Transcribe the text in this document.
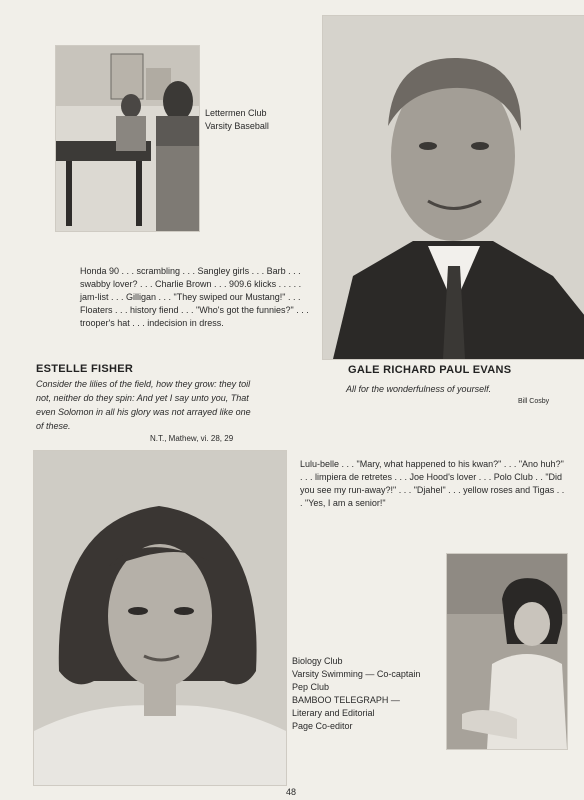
Lettermen Club
Varsity Baseball
Honda 90 . . . scrambling . . . Sangley girls . . . Barb . . . swabby lover? . . . Charlie Brown . . . 909.6 klicks . . . . . jam-list . . . Gilligan . . . "They swiped our Mustang!" . . . Floaters . . . history fiend . . . "Who's got the funnies?" . . . trooper's hat . . . indecision in dress.
ESTELLE FISHER
Consider the lilies of the field, how they grow: they toil not, neither do they spin: And yet I say unto you, That even Solomon in all his glory was not arrayed like one of these.
N.T., Mathew, vi. 28, 29
GALE RICHARD PAUL EVANS
All for the wonderfulness of yourself.
Bill Cosby
Lulu-belle . . . "Mary, what happened to his kwan?" . . . "Ano huh?" . . . limpiera de retretes . . . Joe Hood's lover . . . Polo Club . . "Did you see my run-away?!" . . . "Djahel" . . . yellow roses and Tigas . . . "Yes, I am a senior!"
Biology Club
Varsity Swimming — Co-captain
Pep Club
BAMBOO TELEGRAPH —
Literary and Editorial
Page Co-editor
48
